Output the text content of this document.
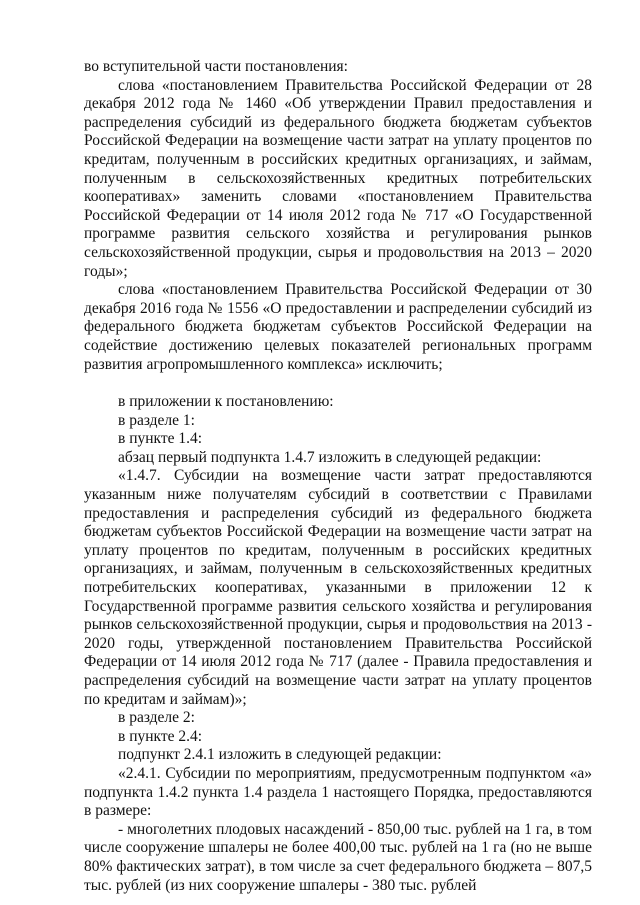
во вступительной части постановления:

слова «постановлением Правительства Российской Федерации от 28 декабря 2012 года № 1460 «Об утверждении Правил предоставления и распределения субсидий из федерального бюджета бюджетам субъектов Российской Федерации на возмещение части затрат на уплату процентов по кредитам, полученным в российских кредитных организациях, и займам, полученным в сельскохозяйственных кредитных потребительских кооперативах» заменить словами «постановлением Правительства Российской Федерации от 14 июля 2012 года № 717 «О Государственной программе развития сельского хозяйства и регулирования рынков сельскохозяйственной продукции, сырья и продовольствия на 2013 – 2020 годы»;

слова «постановлением Правительства Российской Федерации от 30 декабря 2016 года № 1556 «О предоставлении и распределении субсидий из федерального бюджета бюджетам субъектов Российской Федерации на содействие достижению целевых показателей региональных программ развития агропромышленного комплекса» исключить;

в приложении к постановлению:

в разделе 1:

в пункте 1.4:

абзац первый подпункта 1.4.7 изложить в следующей редакции:

«1.4.7. Субсидии на возмещение части затрат предоставляются указанным ниже получателям субсидий в соответствии с Правилами предоставления и распределения субсидий из федерального бюджета бюджетам субъектов Российской Федерации на возмещение части затрат на уплату процентов по кредитам, полученным в российских кредитных организациях, и займам, полученным в сельскохозяйственных кредитных потребительских кооперативах, указанными в приложении 12 к Государственной программе развития сельского хозяйства и регулирования рынков сельскохозяйственной продукции, сырья и продовольствия на 2013 - 2020 годы, утвержденной постановлением Правительства Российской Федерации от 14 июля 2012 года № 717 (далее - Правила предоставления и распределения субсидий на возмещение части затрат на уплату процентов по кредитам и займам)»;

в разделе 2:

в пункте 2.4:

подпункт 2.4.1 изложить в следующей редакции:

«2.4.1. Субсидии по мероприятиям, предусмотренным подпунктом «а» подпункта 1.4.2 пункта 1.4 раздела 1 настоящего Порядка, предоставляются в размере:

- многолетних плодовых насаждений - 850,00 тыс. рублей на 1 га, в том числе сооружение шпалеры не более 400,00 тыс. рублей на 1 га (но не выше 80% фактических затрат), в том числе за счет федерального бюджета – 807,5 тыс. рублей (из них сооружение шпалеры - 380 тыс. рублей
